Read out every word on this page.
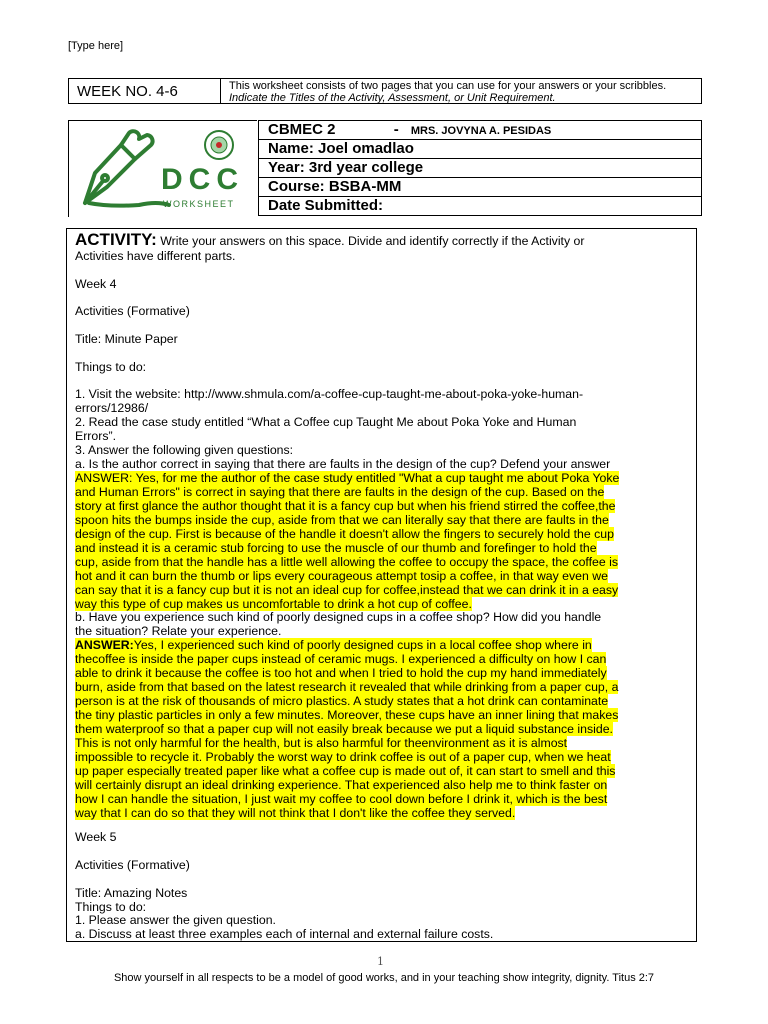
[Type here]
WEEK NO. 4-6	This worksheet consists of two pages that you can use for your answers or your scribbles. Indicate the Titles of the Activity, Assessment, or Unit Requirement.
DCC
WORKSHEET
CBMEC 2	- MRS. JOVYNA A. PESIDAS
Name: Joel omadlao
Year: 3rd year college
Course: BSBA-MM
Date Submitted:
ACTIVITY: Write your answers on this space. Divide and identify correctly if the Activity or
Activities have different parts.
Week 4
Activities (Formative)
Title: Minute Paper
Things to do:
1. Visit the website: http://www.shmula.com/a-coffee-cup-taught-me-about-poka-yoke-human-
errors/12986/
2. Read the case study entitled “What a Coffee cup Taught Me about Poka Yoke and Human
Errors”.
3. Answer the following given questions:
a. Is the author correct in saying that there are faults in the design of the cup? Defend your answer
ANSWER: Yes, for me the author of the case study entitled "What a cup taught me about Poka Yoke
and Human Errors" is correct in saying that there are faults in the design of the cup. Based on the
story at first glance the author thought that it is a fancy cup but when his friend stirred the coffee,the
spoon hits the bumps inside the cup, aside from that we can literally say that there are faults in the
design of the cup. First is because of the handle it doesn't allow the fingers to securely hold the cup
and instead it is a ceramic stub forcing to use the muscle of our thumb and forefinger to hold the
cup, aside from that the handle has a little well allowing the coffee to occupy the space, the coffee is
hot and it can burn the thumb or lips every courageous attempt tosip a coffee, in that way even we
can say that it is a fancy cup but it is not an ideal cup for coffee,instead that we can drink it in a easy
way this type of cup makes us uncomfortable to drink a hot cup of coffee.
b. Have you experience such kind of poorly designed cups in a coffee shop? How did you handle
the situation? Relate your experience.
ANSWER:Yes, I experienced such kind of poorly designed cups in a local coffee shop where in
thecoffee is inside the paper cups instead of ceramic mugs. I experienced a difficulty on how I can
able to drink it because the coffee is too hot and when I tried to hold the cup my hand immediately
burn, aside from that based on the latest research it revealed that while drinking from a paper cup, a
person is at the risk of thousands of micro plastics. A study states that a hot drink can contaminate
the tiny plastic particles in only a few minutes. Moreover, these cups have an inner lining that makes
them waterproof so that a paper cup will not easily break because we put a liquid substance inside.
This is not only harmful for the health, but is also harmful for theenvironment as it is almost
impossible to recycle it. Probably the worst way to drink coffee is out of a paper cup, when we heat
up paper especially treated paper like what a coffee cup is made out of, it can start to smell and this
will certainly disrupt an ideal drinking experience. That experienced also help me to think faster on
how I can handle the situation, I just wait my coffee to cool down before I drink it, which is the best
way that I can do so that they will not think that I don't like the coffee they served.
Week 5
Activities (Formative)
Title: Amazing Notes
Things to do:
1. Please answer the given question.
a. Discuss at least three examples each of internal and external failure costs.
1
Show yourself in all respects to be a model of good works, and in your teaching show integrity, dignity. Titus 2:7
